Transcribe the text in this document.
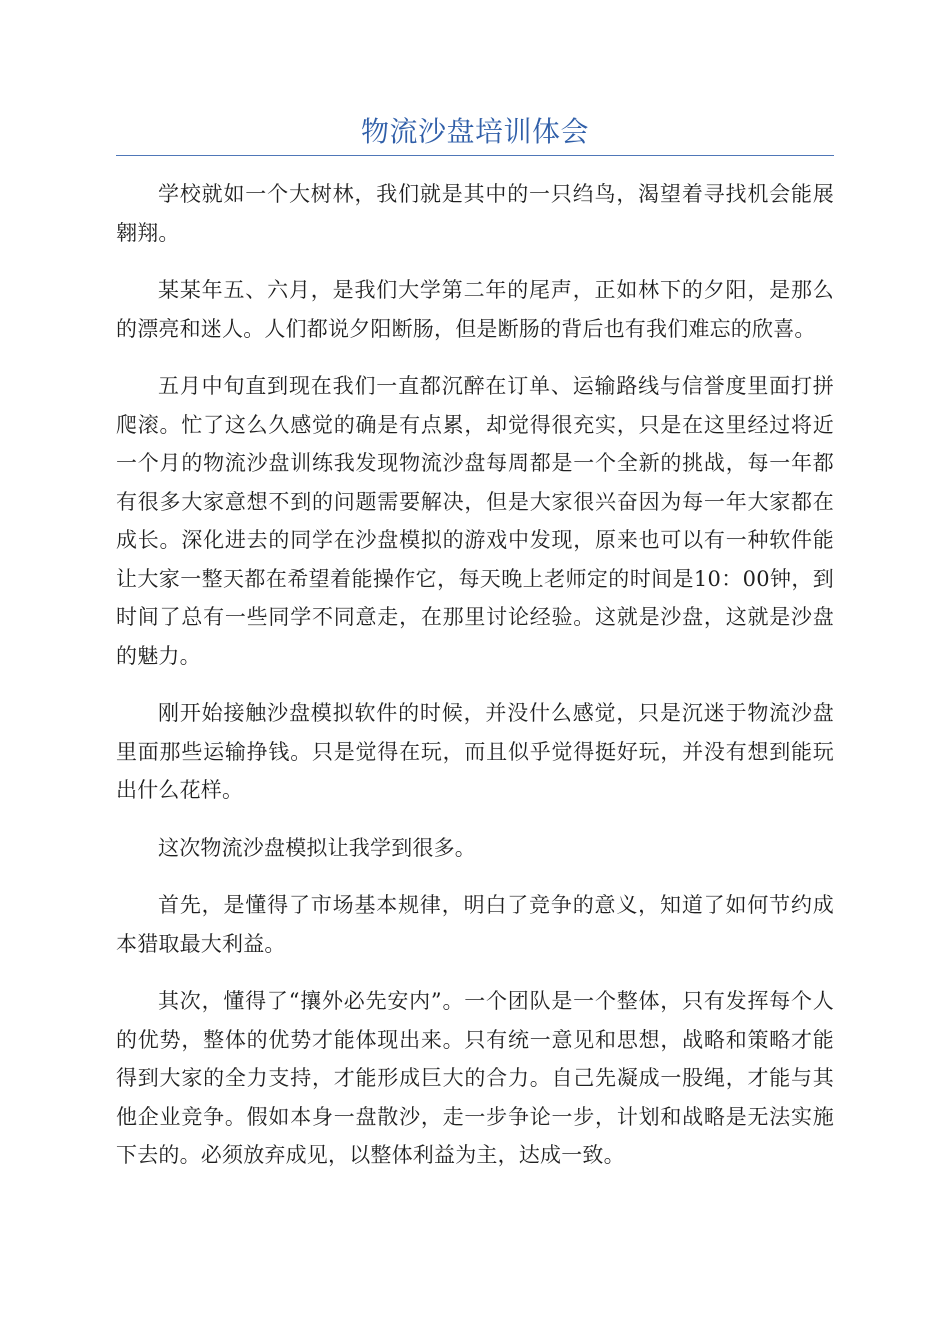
物流沙盘培训体会

学校就如一个大树林，我们就是其中的一只绉鸟，渴望着寻找机会能展翱翔。

某某年五、六月，是我们大学第二年的尾声，正如林下的夕阳，是那么的漂亮和迷人。人们都说夕阳断肠，但是断肠的背后也有我们难忘的欣喜。

五月中旬直到现在我们一直都沉醉在订单、运输路线与信誉度里面打拼爬滚。忙了这么久感觉的确是有点累，却觉得很充实，只是在这里经过将近一个月的物流沙盘训练我发现物流沙盘每周都是一个全新的挑战，每一年都有很多大家意想不到的问题需要解决，但是大家很兴奋因为每一年大家都在成长。深化进去的同学在沙盘模拟的游戏中发现，原来也可以有一种软件能让大家一整天都在希望着能操作它，每天晚上老师定的时间是10：00钟，到时间了总有一些同学不同意走，在那里讨论经验。这就是沙盘，这就是沙盘的魅力。

刚开始接触沙盘模拟软件的时候，并没什么感觉，只是沉迷于物流沙盘里面那些运输挣钱。只是觉得在玩，而且似乎觉得挺好玩，并没有想到能玩出什么花样。

这次物流沙盘模拟让我学到很多。

首先，是懂得了市场基本规律，明白了竞争的意义，知道了如何节约成本猎取最大利益。

其次，懂得了“攘外必先安内”。一个团队是一个整体，只有发挥每个人的优势，整体的优势才能体现出来。只有统一意见和思想，战略和策略才能得到大家的全力支持，才能形成巨大的合力。自己先凝成一股绳，才能与其他企业竞争。假如本身一盘散沙，走一步争论一步，计划和战略是无法实施下去的。必须放弃成见，以整体利益为主，达成一致。
